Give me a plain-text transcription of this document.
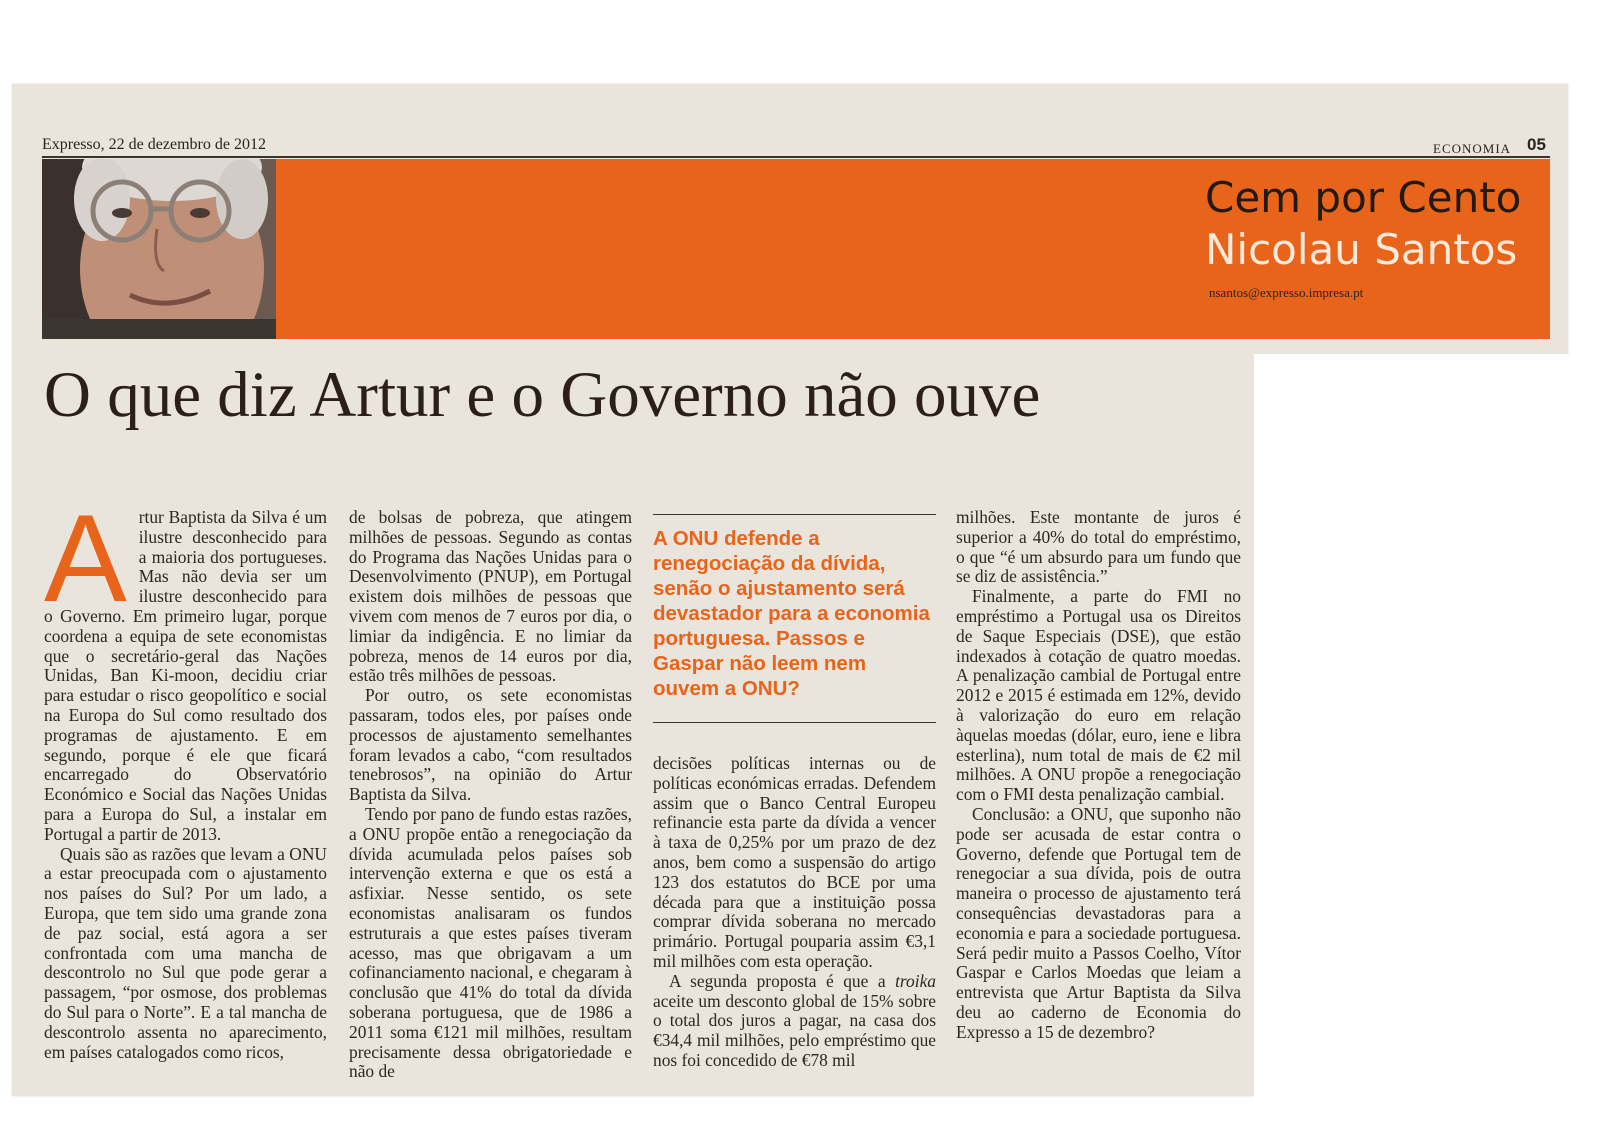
Expresso, 22 de dezembro de 2012	ECONOMIA 05
Cem por Cento
Nicolau Santos
nsantos@expresso.impresa.pt
O que diz Artur e o Governo não ouve
A rtur Baptista da Silva é um ilustre desconhecido para a maioria dos portugueses. Mas não devia ser um ilustre desconhecido para o Governo. Em primeiro lugar, porque coordena a equipa de sete economistas que o secretário-geral das Nações Unidas, Ban Ki-moon, decidiu criar para estudar o risco geopolítico e social na Europa do Sul como resultado dos programas de ajustamento. E em segundo, porque é ele que ficará encarregado do Observatório Económico e Social das Nações Unidas para a Europa do Sul, a instalar em Portugal a partir de 2013.

Quais são as razões que levam a ONU a estar preocupada com o ajustamento nos países do Sul? Por um lado, a Europa, que tem sido uma grande zona de paz social, está agora a ser confrontada com uma mancha de descontrolo no Sul que pode gerar a passagem, “por osmose, dos problemas do Sul para o Norte”. E a tal mancha de descontrolo assenta no aparecimento, em países catalogados como ricos,

de bolsas de pobreza, que atingem milhões de pessoas. Segundo as contas do Programa das Nações Unidas para o Desenvolvimento (PNUP), em Portugal existem dois milhões de pessoas que vivem com menos de 7 euros por dia, o limiar da indigência. E no limiar da pobreza, menos de 14 euros por dia, estão três milhões de pessoas.

Por outro, os sete economistas passaram, todos eles, por países onde processos de ajustamento semelhantes foram levados a cabo, “com resultados tenebrosos”, na opinião do Artur Baptista da Silva.

Tendo por pano de fundo estas razões, a ONU propõe então a renegociação da dívida acumulada pelos países sob intervenção externa e que os está a asfixiar. Nesse sentido, os sete economistas analisaram os fundos estruturais a que estes países tiveram acesso, mas que obrigavam a um cofinanciamento nacional, e chegaram à conclusão que 41% do total da dívida soberana portuguesa, que de 1986 a 2011 soma €121 mil milhões, resultam precisamente dessa obrigatoriedade e não de

A ONU defende a renegociação da dívida, senão o ajustamento será devastador para a economia portuguesa. Passos e Gaspar não leem nem ouvem a ONU?

decisões políticas internas ou de políticas económicas erradas. Defendem assim que o Banco Central Europeu refinancie esta parte da dívida a vencer à taxa de 0,25% por um prazo de dez anos, bem como a suspensão do artigo 123 dos estatutos do BCE por uma década para que a instituição possa comprar dívida soberana no mercado primário. Portugal pouparia assim €3,1 mil milhões com esta operação.

A segunda proposta é que a troika aceite um desconto global de 15% sobre o total dos juros a pagar, na casa dos €34,4 mil milhões, pelo empréstimo que nos foi concedido de €78 mil

milhões. Este montante de juros é superior a 40% do total do empréstimo, o que “é um absurdo para um fundo que se diz de assistência.”

Finalmente, a parte do FMI no empréstimo a Portugal usa os Direitos de Saque Especiais (DSE), que estão indexados à cotação de quatro moedas. A penalização cambial de Portugal entre 2012 e 2015 é estimada em 12%, devido à valorização do euro em relação àquelas moedas (dólar, euro, iene e libra esterlina), num total de mais de €2 mil milhões. A ONU propõe a renegociação com o FMI desta penalização cambial.

Conclusão: a ONU, que suponho não pode ser acusada de estar contra o Governo, defende que Portugal tem de renegociar a sua dívida, pois de outra maneira o processo de ajustamento terá consequências devastadoras para a economia e para a sociedade portuguesa. Será pedir muito a Passos Coelho, Vítor Gaspar e Carlos Moedas que leiam a entrevista que Artur Baptista da Silva deu ao caderno de Economia do Expresso a 15 de dezembro?
